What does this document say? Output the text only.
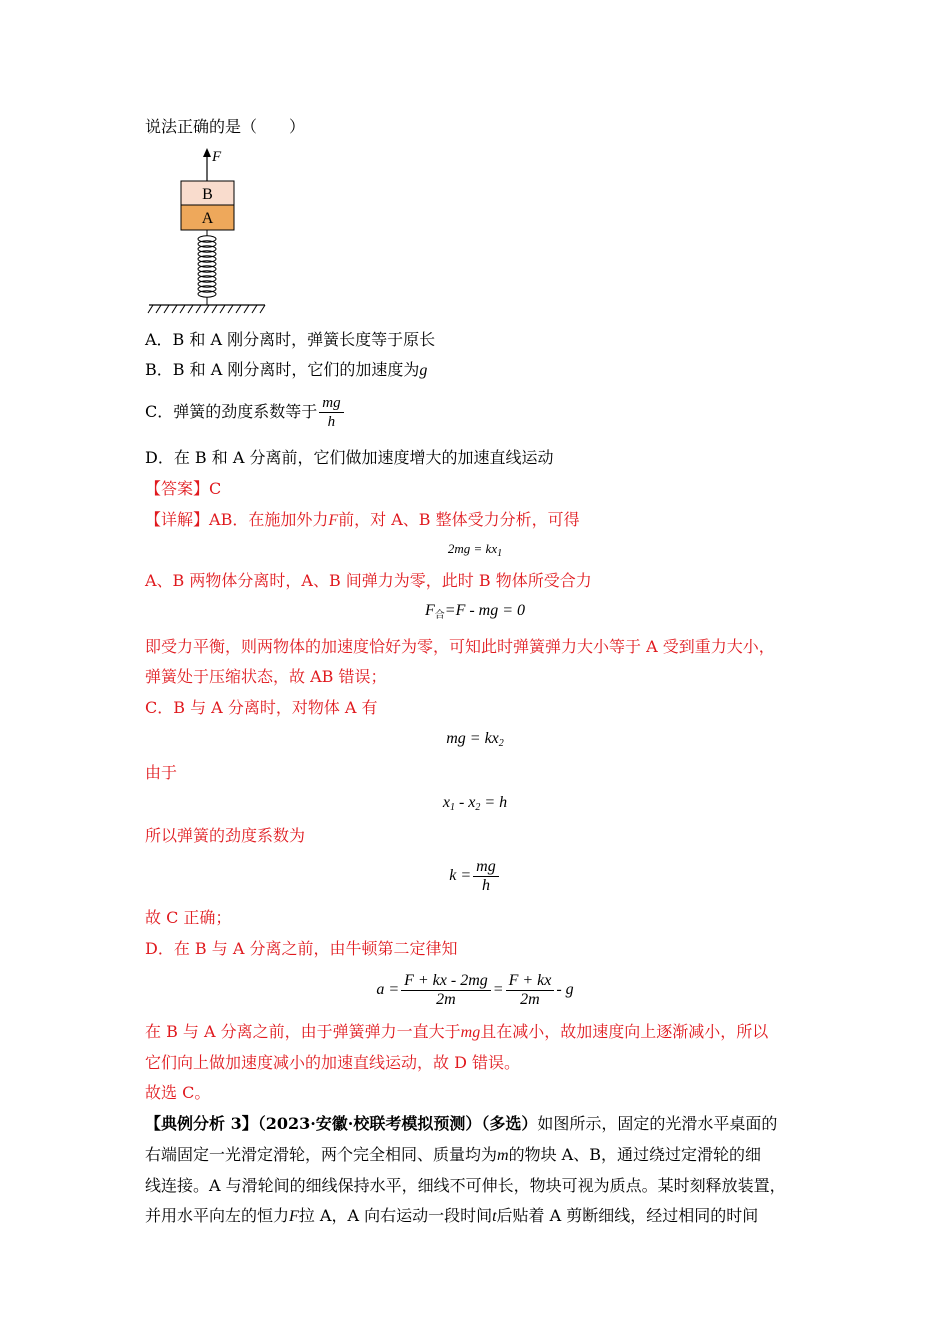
说法正确的是（　　）
F
B
A
A．B 和 A 刚分离时，弹簧长度等于原长
B．B 和 A 刚分离时，它们的加速度为g
C．弹簧的劲度系数等于 $\frac{mg}{h}$
D．在 B 和 A 分离前，它们做加速度增大的加速直线运动
【答案】C
【详解】AB．在施加外力F前，对 A、B 整体受力分析，可得
$2mg = kx_1$
A、B 两物体分离时，A、B 间弹力为零，此时 B 物体所受合力
$F_合=F$ - mg = 0
即受力平衡，则两物体的加速度恰好为零，可知此时弹簧弹力大小等于 A 受到重力大小，
弹簧处于压缩状态，故 AB 错误；
C．B 与 A 分离时，对物体 A 有
mg = $kx_2$
由于
$x_1 - x_2 = h$
所以弹簧的劲度系数为
$k = \frac{mg}{h}$
故 C 正确；
D．在 B 与 A 分离之前，由牛顿第二定律知
$a = \frac{F + kx - 2mg}{2m} = \frac{F + kx}{2m} - g$
在 B 与 A 分离之前，由于弹簧弹力一直大于mg且在减小，故加速度向上逐渐减小，所以
它们向上做加速度减小的加速直线运动，故 D 错误。
故选 C。
【典例分析 3】（2023·安徽·校联考模拟预测）（多选）如图所示，固定的光滑水平桌面的
右端固定一光滑定滑轮，两个完全相同、质量均为m的物块 A、B，通过绕过定滑轮的细
线连接。A 与滑轮间的细线保持水平，细线不可伸长，物块可视为质点。某时刻释放装置，
并用水平向左的恒力F拉 A，A 向右运动一段时间t后贴着 A 剪断细线，经过相同的时间
